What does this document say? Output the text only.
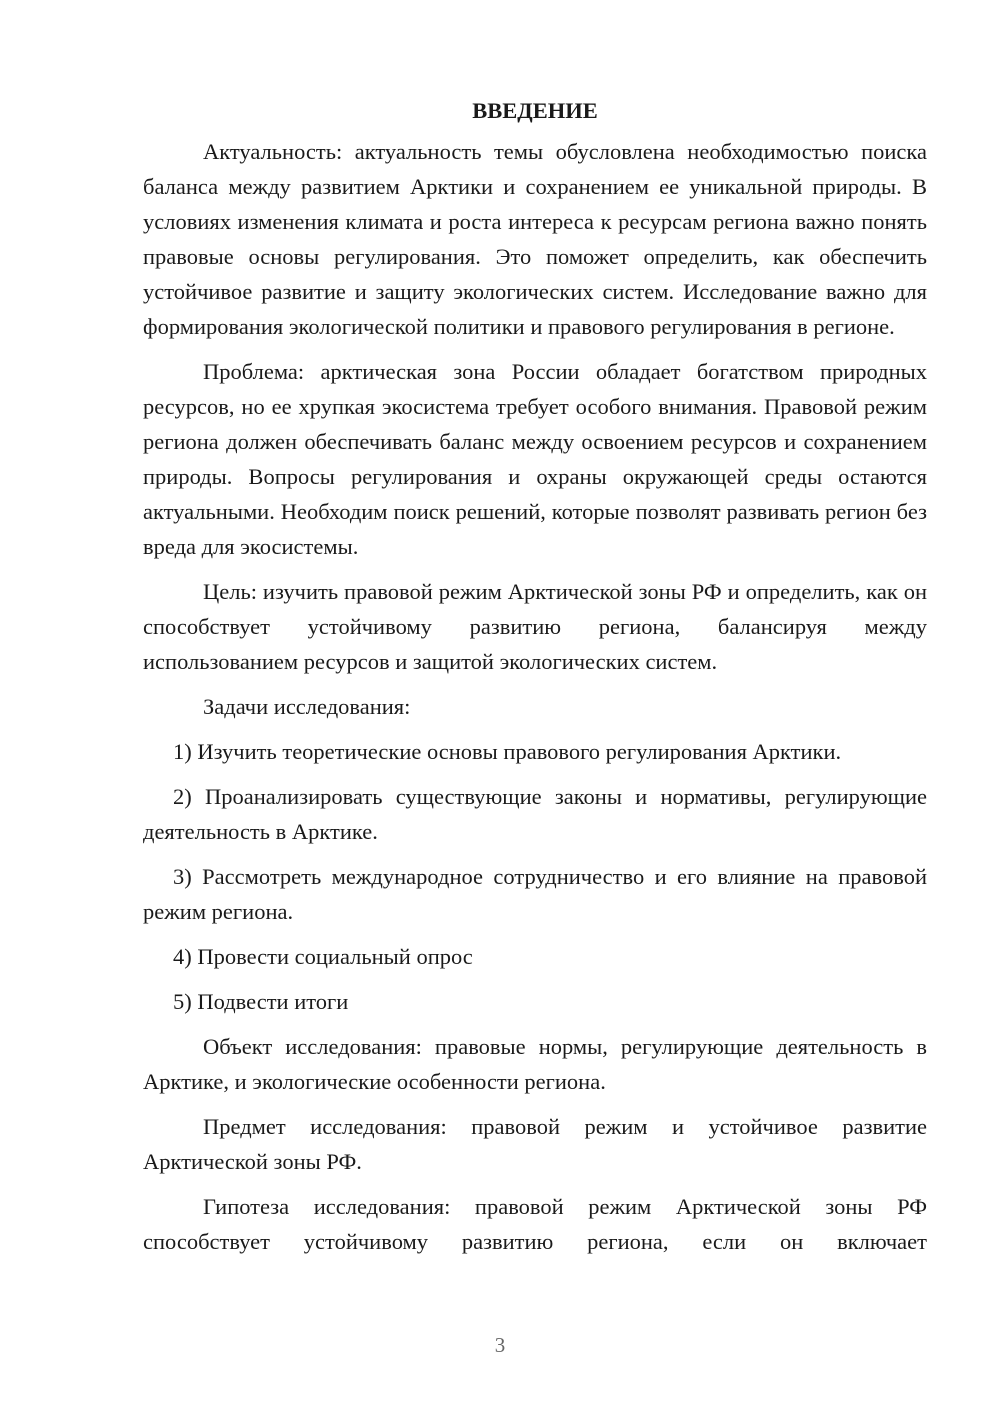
ВВЕДЕНИЕ

Актуальность: актуальность темы обусловлена необходимостью поиска баланса между развитием Арктики и сохранением ее уникальной природы. В условиях изменения климата и роста интереса к ресурсам региона важно понять правовые основы регулирования. Это поможет определить, как обеспечить устойчивое развитие и защиту экологических систем. Исследование важно для формирования экологической политики и правового регулирования в регионе.

Проблема: арктическая зона России обладает богатством природных ресурсов, но ее хрупкая экосистема требует особого внимания. Правовой режим региона должен обеспечивать баланс между освоением ресурсов и сохранением природы. Вопросы регулирования и охраны окружающей среды остаются актуальными. Необходим поиск решений, которые позволят развивать регион без вреда для экосистемы.

Цель: изучить правовой режим Арктической зоны РФ и определить, как он способствует устойчивому развитию региона, балансируя между использованием ресурсов и защитой экологических систем.

Задачи исследования:

1) Изучить теоретические основы правового регулирования Арктики.

2) Проанализировать существующие законы и нормативы, регулирующие деятельность в Арктике.

3) Рассмотреть международное сотрудничество и его влияние на правовой режим региона.

4) Провести социальный опрос

5) Подвести итоги

Объект исследования: правовые нормы, регулирующие деятельность в Арктике, и экологические особенности региона.

Предмет исследования: правовой режим и устойчивое развитие Арктической зоны РФ.

Гипотеза исследования: правовой режим Арктической зоны РФ способствует устойчивому развитию региона, если он включает

3
